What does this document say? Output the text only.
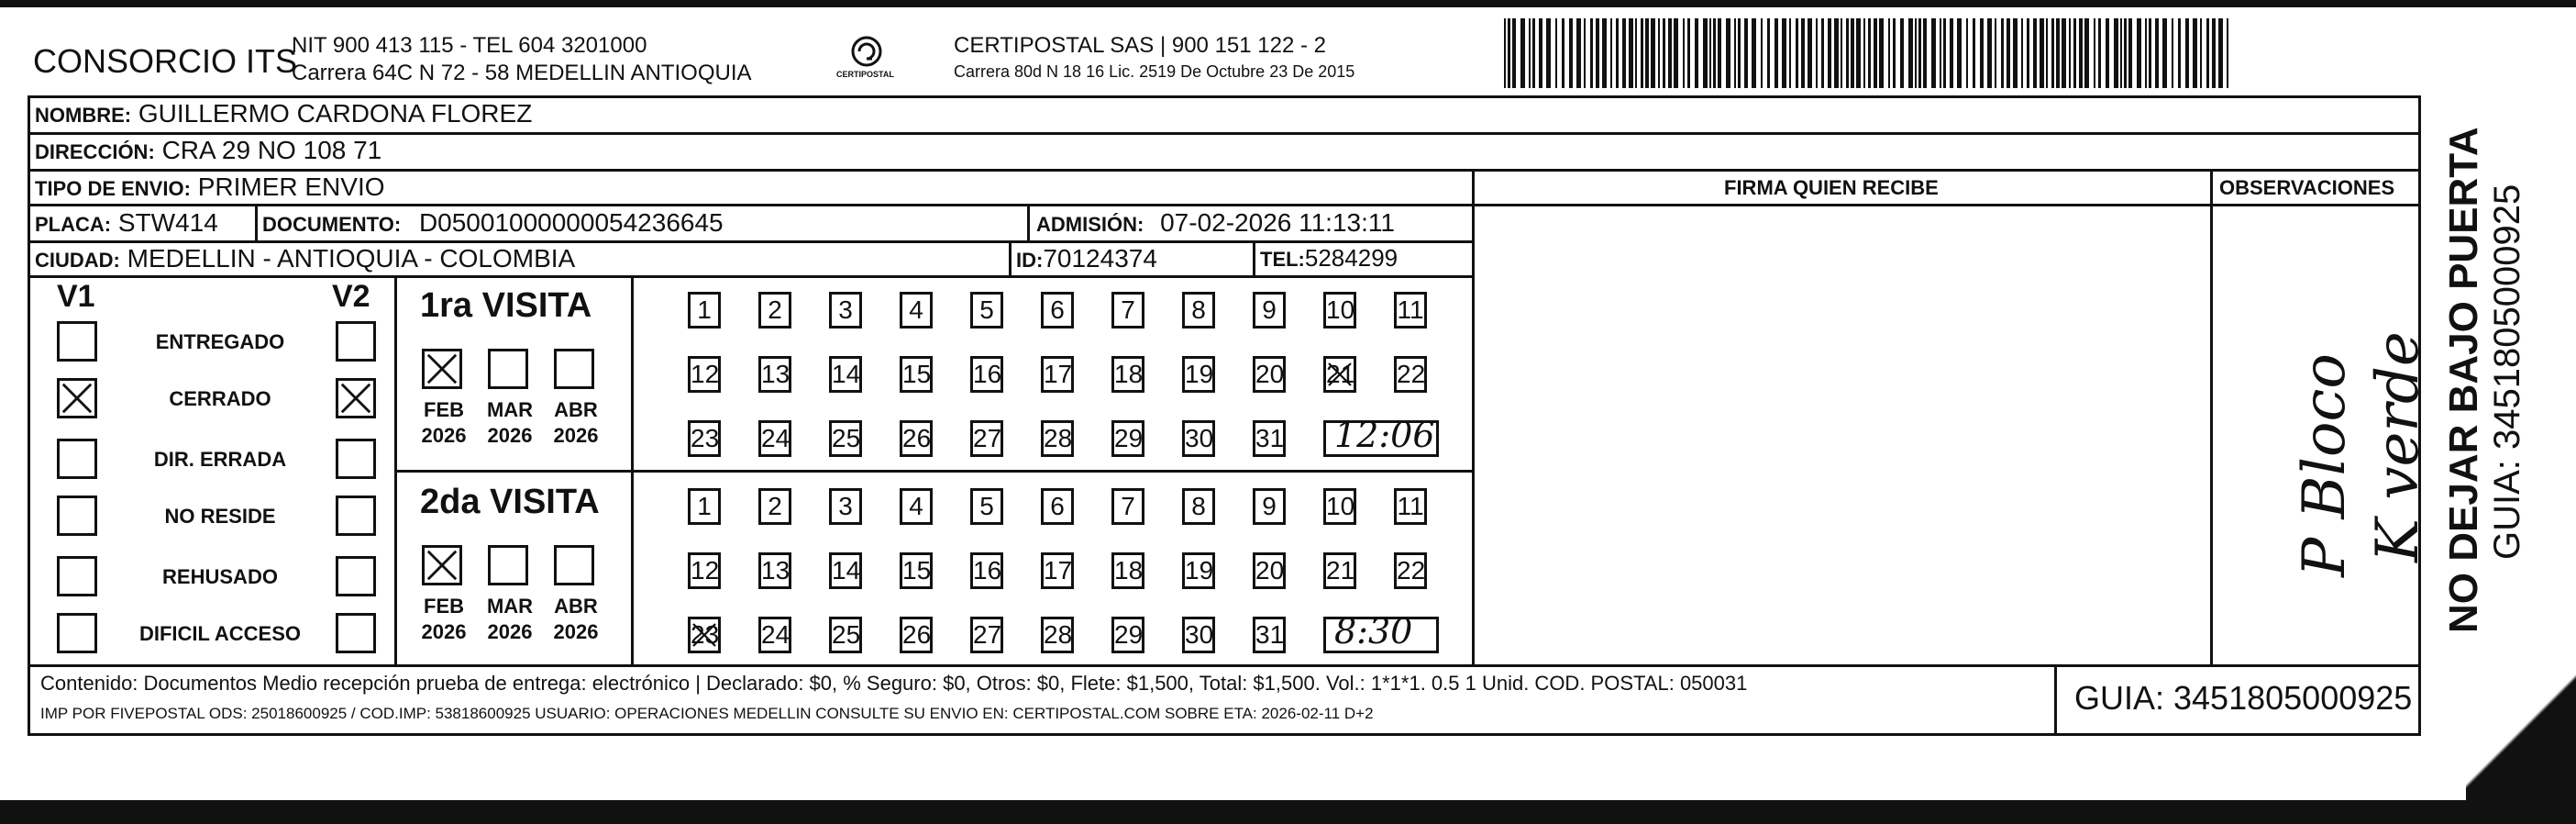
CONSORCIO ITS
NIT 900 413 115 - TEL 604 3201000
Carrera 64C N 72 - 58 MEDELLIN ANTIOQUIA	CERTIPOSTAL
CERTIPOSTAL SAS | 900 151 122 - 2
Carrera 80d N 18 16 Lic. 2519 De Octubre 23 De 2015
NOMBRE: GUILLERMO CARDONA FLOREZ
DIRECCIÓN: CRA 29 NO 108 71
TIPO DE ENVIO: PRIMER ENVIO
PLACA: STW414 DOCUMENTO: D05001000000054236645	ADMISIÓN: 07-02-2026 11:13:11
CIUDAD: MEDELLIN - ANTIOQUIA - COLOMBIA	ID:70124374	TEL:5284299
FIRMA QUIEN RECIBE	OBSERVACIONES
P Bloco K verde
V1	V2
ENTREGADO
CERRADO
DIR. ERRADA
NO RESIDE
REHUSADO
DIFICIL ACCESO
1ra VISITA
FEB
2026
MAR
2026
ABR
2026
1	2	3	4	5	6	7	8	9	10 11
12 13 14 15 16 17 18 19 20 21 22
23 24 25 26 27 28 29 30 31 12:06
2da VISITA
FEB
2026
MAR
2026
ABR
2026
1	2	3	4	5	6	7	8	9	10 11
12 13 14 15 16 17 18 19 20 21 22
23 24 25 26 27 28 29 30 31 8:30
Contenido: Documentos Medio recepción prueba de entrega: electrónico | Declarado: $0, % Seguro: $0, Otros: $0, Flete: $1,500, Total: $1,500. Vol.: 1*1*1. 0.5 1 Unid. COD. POSTAL: 050031
IMP POR FIVEPOSTAL ODS: 25018600925 / COD.IMP: 53818600925 USUARIO: OPERACIONES MEDELLIN CONSULTE SU ENVIO EN: CERTIPOSTAL.COM SOBRE ETA: 2026-02-11 D+2	GUIA: 3451805000925
NO DEJAR BAJO PUERTA GUIA: 3451805000925
